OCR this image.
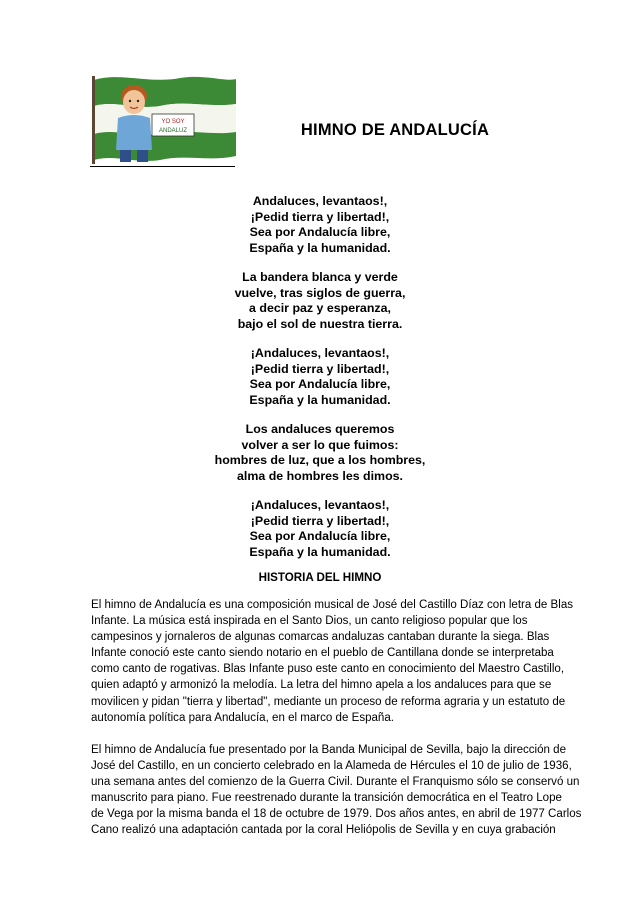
YO SOY
ANDALUZ	HIMNO DE ANDALUCÍA
Andaluces, levantaos!,
¡Pedid tierra y libertad!,
Sea por Andalucía libre,
España y la humanidad.
La bandera blanca y verde
vuelve, tras siglos de guerra,
a decir paz y esperanza,
bajo el sol de nuestra tierra.
¡Andaluces, levantaos!,
¡Pedid tierra y libertad!,
Sea por Andalucía libre,
España y la humanidad.
Los andaluces queremos
volver a ser lo que fuimos:
hombres de luz, que a los hombres,
alma de hombres les dimos.
¡Andaluces, levantaos!,
¡Pedid tierra y libertad!,
Sea por Andalucía libre,
España y la humanidad.
HISTORIA DEL HIMNO
El himno de Andalucía es una composición musical de José del Castillo Díaz con letra de Blas
Infante. La música está inspirada en el Santo Dios, un canto religioso popular que los
campesinos y jornaleros de algunas comarcas andaluzas cantaban durante la siega. Blas
Infante conoció este canto siendo notario en el pueblo de Cantillana donde se interpretaba
como canto de rogativas. Blas Infante puso este canto en conocimiento del Maestro Castillo,
quien adaptó y armonizó la melodía. La letra del himno apela a los andaluces para que se
movilicen y pidan "tierra y libertad", mediante un proceso de reforma agraria y un estatuto de
autonomía política para Andalucía, en el marco de España.
El himno de Andalucía fue presentado por la Banda Municipal de Sevilla, bajo la dirección de
José del Castillo, en un concierto celebrado en la Alameda de Hércules el 10 de julio de 1936,
una semana antes del comienzo de la Guerra Civil. Durante el Franquismo sólo se conservó un
manuscrito para piano. Fue reestrenado durante la transición democrática en el Teatro Lope
de Vega por la misma banda el 18 de octubre de 1979. Dos años antes, en abril de 1977 Carlos
Cano realizó una adaptación cantada por la coral Heliópolis de Sevilla y en cuya grabación
